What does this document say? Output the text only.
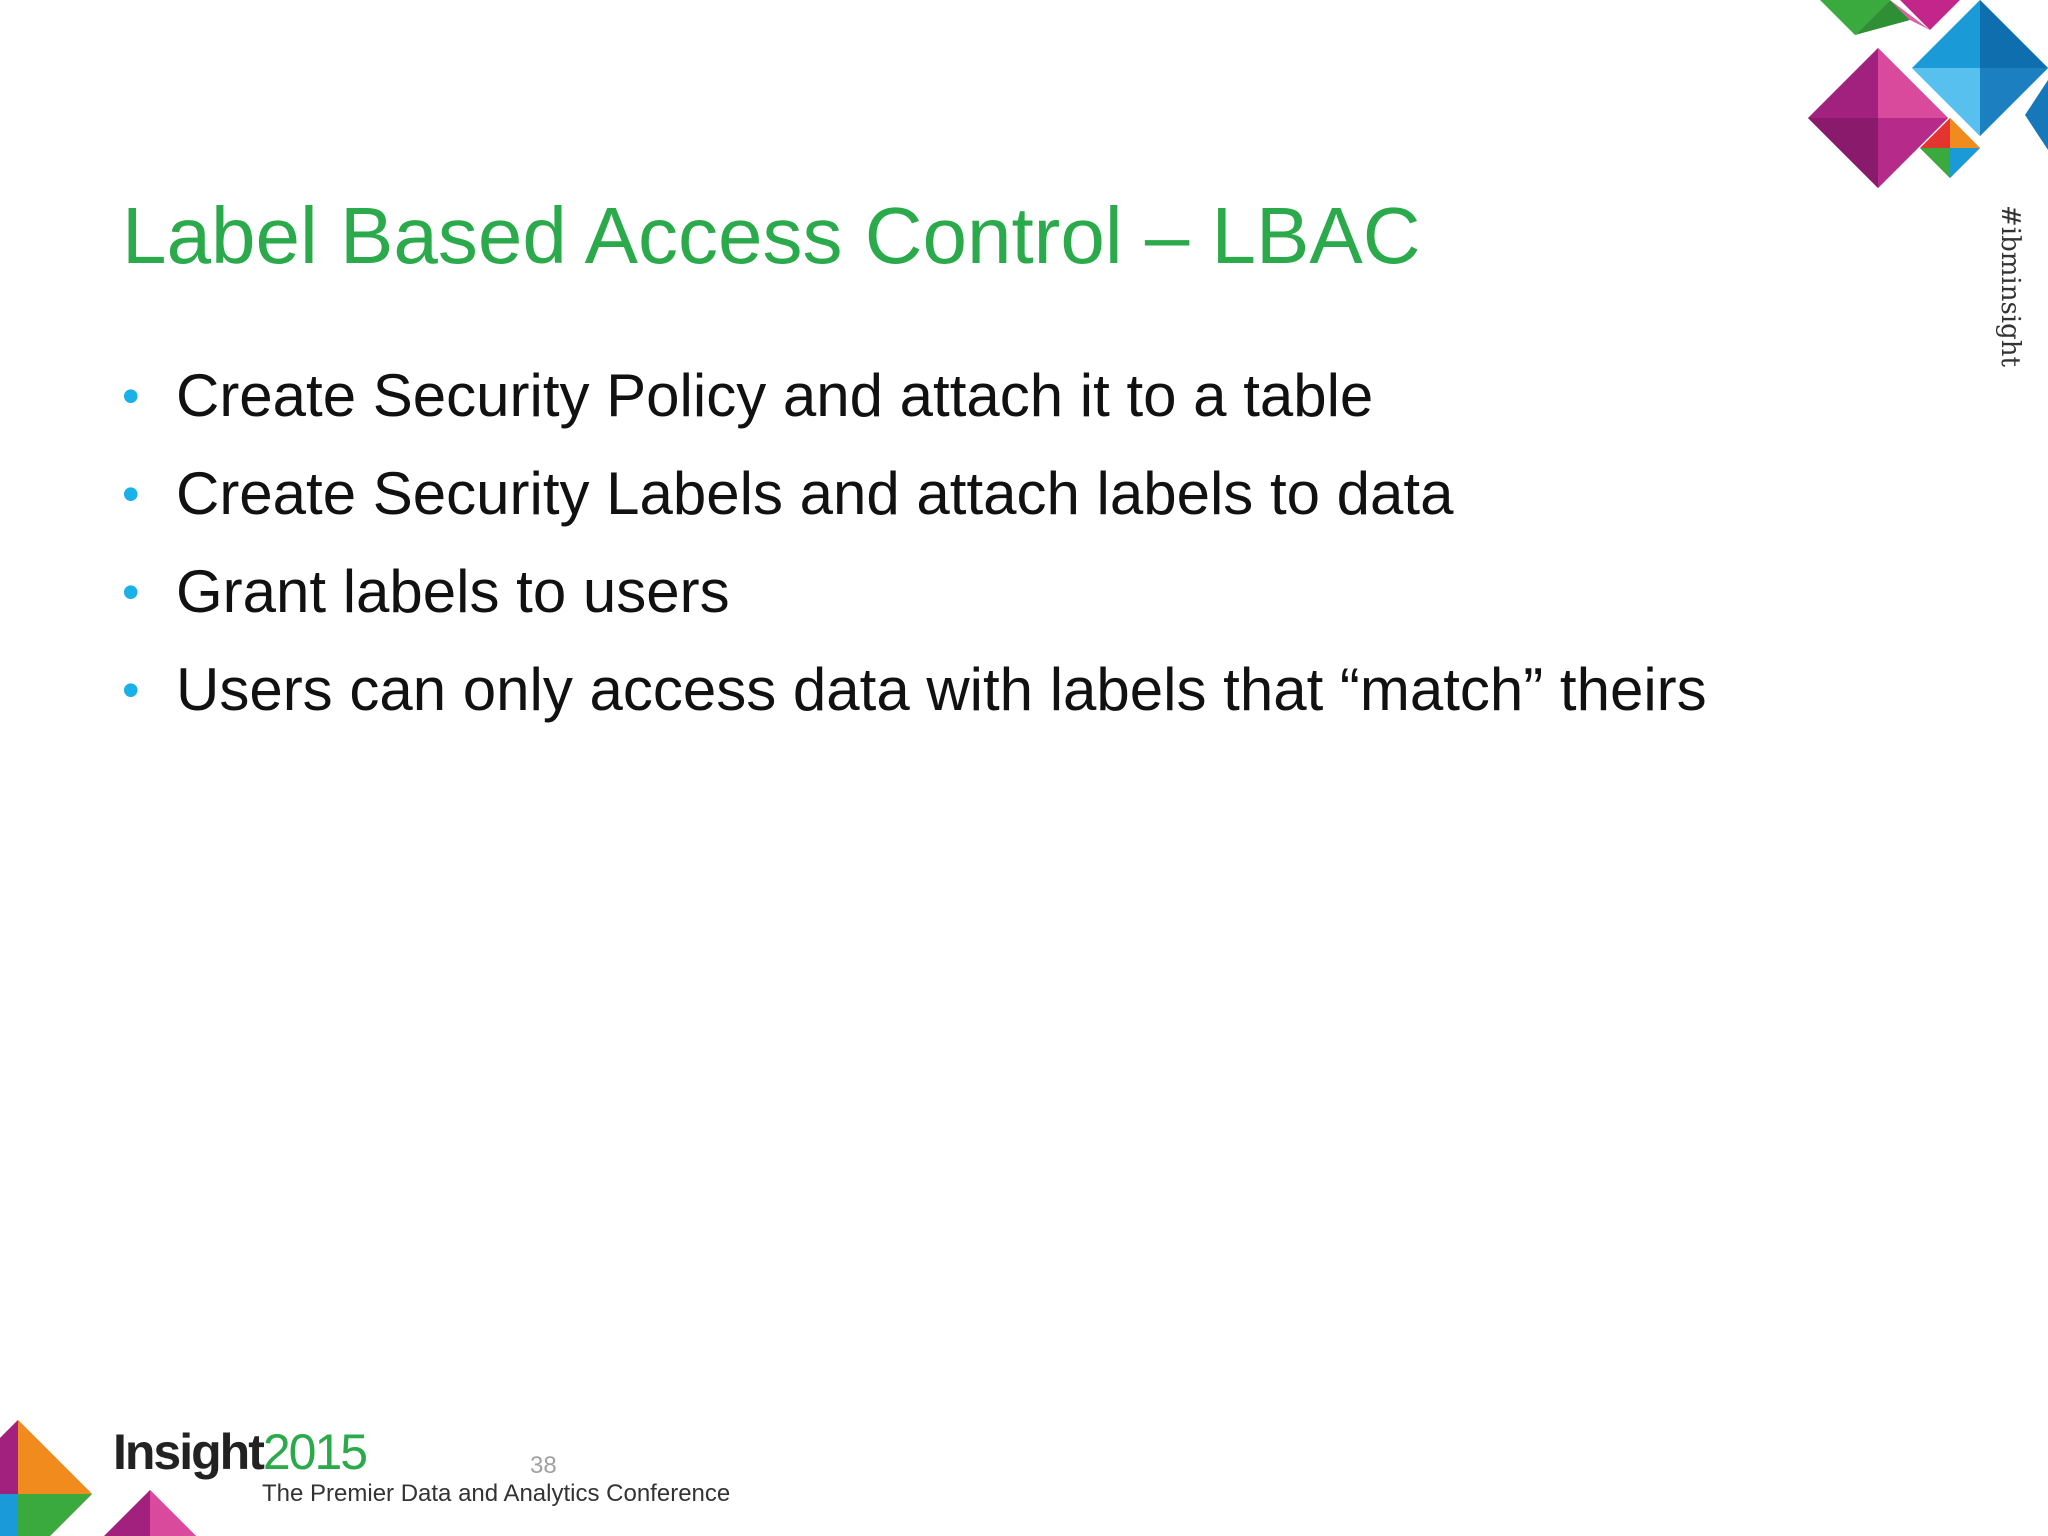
#ibminsight
Label Based Access Control – LBAC
• Create Security Policy and attach it to a table
• Create Security Labels and attach labels to data
• Grant labels to users
• Users can only access data with labels that “match” theirs
Insight2015
The Premier Data and Analytics Conference
38
